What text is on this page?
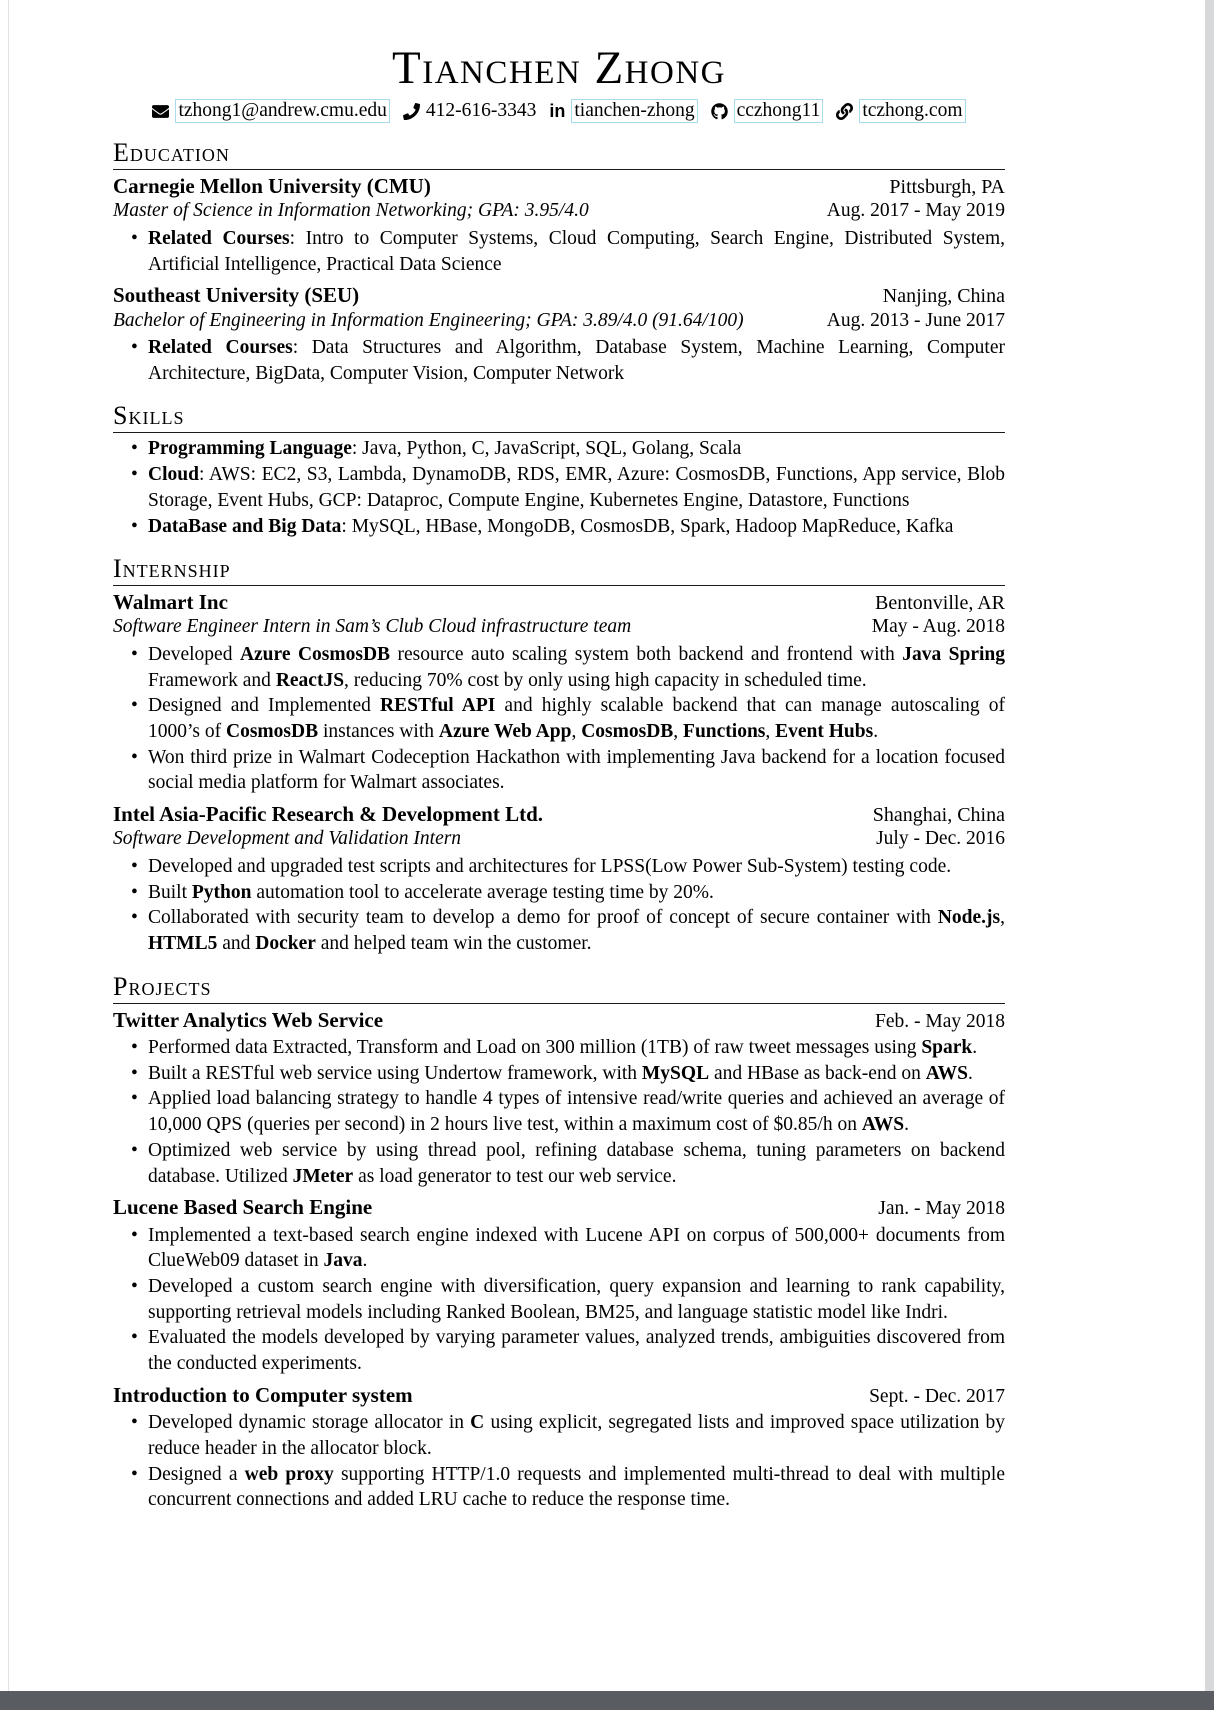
Tianchen Zhong
tzhong1@andrew.cmu.edu 412-616-3343 in tianchen-zhong cczhong11 tczhong.com
Education
Carnegie Mellon University (CMU)	Pittsburgh, PA
Master of Science in Information Networking; GPA: 3.95/4.0	Aug. 2017 - May 2019
• Related Courses: Intro to Computer Systems, Cloud Computing, Search Engine, Distributed System, Artificial Intelligence, Practical Data Science
Southeast University (SEU)	Nanjing, China
Bachelor of Engineering in Information Engineering; GPA: 3.89/4.0 (91.64/100)	Aug. 2013 - June 2017
• Related Courses: Data Structures and Algorithm, Database System, Machine Learning, Computer Architecture, BigData, Computer Vision, Computer Network
Skills
• Programming Language: Java, Python, C, JavaScript, SQL, Golang, Scala
• Cloud: AWS: EC2, S3, Lambda, DynamoDB, RDS, EMR, Azure: CosmosDB, Functions, App service, Blob Storage, Event Hubs, GCP: Dataproc, Compute Engine, Kubernetes Engine, Datastore, Functions
• DataBase and Big Data: MySQL, HBase, MongoDB, CosmosDB, Spark, Hadoop MapReduce, Kafka
Internship
Walmart Inc	Bentonville, AR
Software Engineer Intern in Sam’s Club Cloud infrastructure team	May - Aug. 2018
• Developed Azure CosmosDB resource auto scaling system both backend and frontend with Java Spring Framework and ReactJS, reducing 70% cost by only using high capacity in scheduled time.
• Designed and Implemented RESTful API and highly scalable backend that can manage autoscaling of 1000’s of CosmosDB instances with Azure Web App, CosmosDB, Functions, Event Hubs.
• Won third prize in Walmart Codeception Hackathon with implementing Java backend for a location focused social media platform for Walmart associates.
Intel Asia-Pacific Research & Development Ltd.	Shanghai, China
Software Development and Validation Intern	July - Dec. 2016
• Developed and upgraded test scripts and architectures for LPSS(Low Power Sub-System) testing code.
• Built Python automation tool to accelerate average testing time by 20%.
• Collaborated with security team to develop a demo for proof of concept of secure container with Node.js, HTML5 and Docker and helped team win the customer.
Projects
Twitter Analytics Web Service	Feb. - May 2018
• Performed data Extracted, Transform and Load on 300 million (1TB) of raw tweet messages using Spark.
• Built a RESTful web service using Undertow framework, with MySQL and HBase as back-end on AWS.
• Applied load balancing strategy to handle 4 types of intensive read/write queries and achieved an average of 10,000 QPS (queries per second) in 2 hours live test, within a maximum cost of $0.85/h on AWS.
• Optimized web service by using thread pool, refining database schema, tuning parameters on backend database. Utilized JMeter as load generator to test our web service.
Lucene Based Search Engine	Jan. - May 2018
• Implemented a text-based search engine indexed with Lucene API on corpus of 500,000+ documents from ClueWeb09 dataset in Java.
• Developed a custom search engine with diversification, query expansion and learning to rank capability, supporting retrieval models including Ranked Boolean, BM25, and language statistic model like Indri.
• Evaluated the models developed by varying parameter values, analyzed trends, ambiguities discovered from the conducted experiments.
Introduction to Computer system	Sept. - Dec. 2017
• Developed dynamic storage allocator in C using explicit, segregated lists and improved space utilization by reduce header in the allocator block.
• Designed a web proxy supporting HTTP/1.0 requests and implemented multi-thread to deal with multiple concurrent connections and added LRU cache to reduce the response time.
